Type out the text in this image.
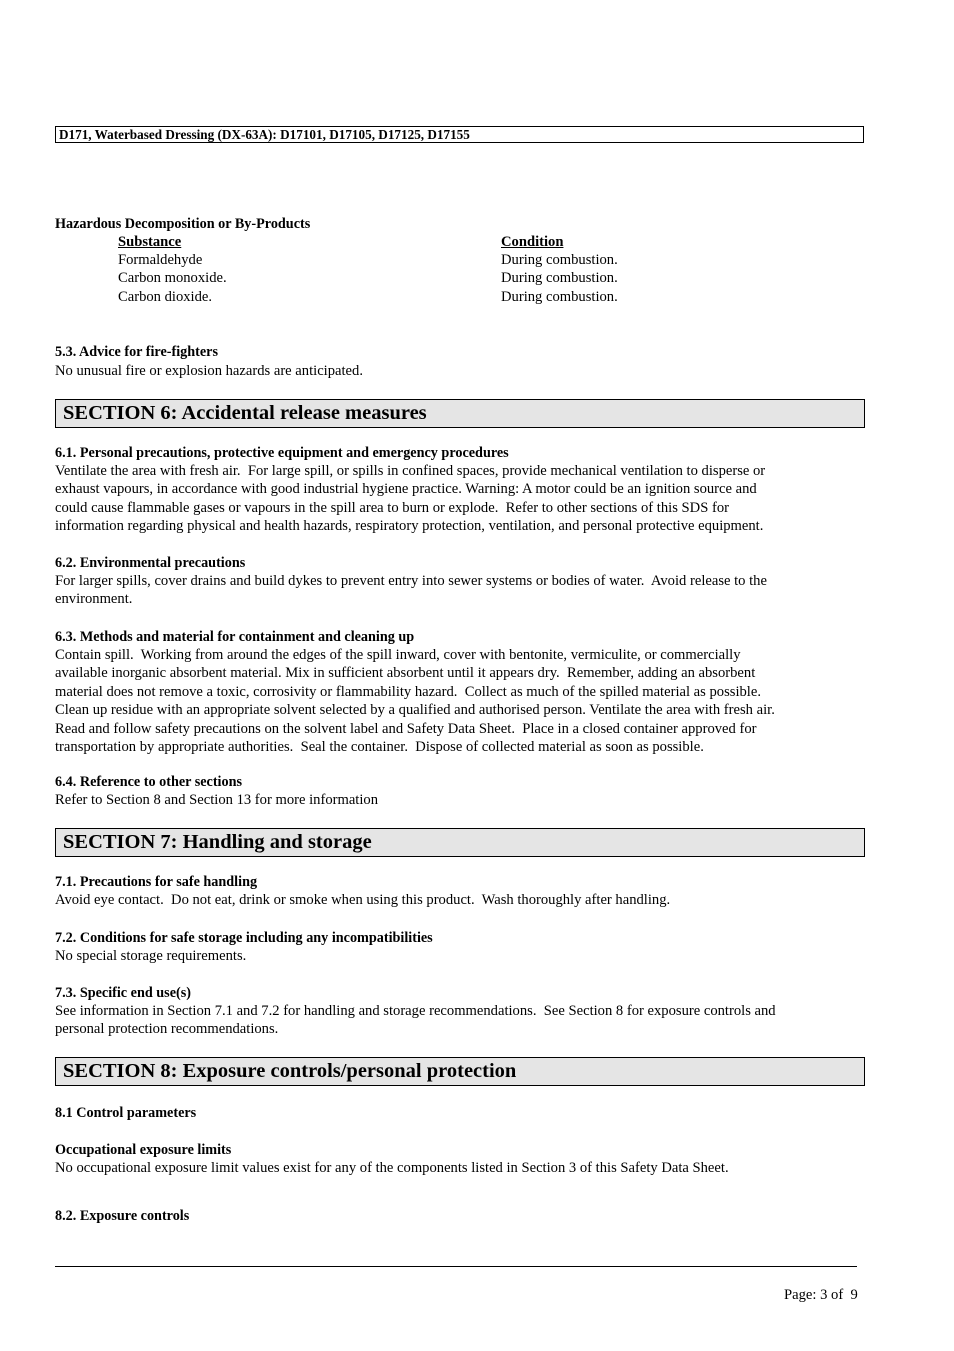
D171, Waterbased Dressing (DX-63A): D17101, D17105, D17125, D17155
Hazardous Decomposition or By-Products
Substance	Condition
Formaldehyde	During combustion.
Carbon monoxide.	During combustion.
Carbon dioxide.	During combustion.
5.3. Advice for fire-fighters
No unusual fire or explosion hazards are anticipated.
SECTION 6: Accidental release measures
6.1. Personal precautions, protective equipment and emergency procedures
Ventilate the area with fresh air.  For large spill, or spills in confined spaces, provide mechanical ventilation to disperse or
exhaust vapours, in accordance with good industrial hygiene practice. Warning: A motor could be an ignition source and
could cause flammable gases or vapours in the spill area to burn or explode.  Refer to other sections of this SDS for
information regarding physical and health hazards, respiratory protection, ventilation, and personal protective equipment.
6.2. Environmental precautions
For larger spills, cover drains and build dykes to prevent entry into sewer systems or bodies of water.  Avoid release to the
environment.
6.3. Methods and material for containment and cleaning up
Contain spill.  Working from around the edges of the spill inward, cover with bentonite, vermiculite, or commercially
available inorganic absorbent material. Mix in sufficient absorbent until it appears dry.  Remember, adding an absorbent
material does not remove a toxic, corrosivity or flammability hazard.  Collect as much of the spilled material as possible.
Clean up residue with an appropriate solvent selected by a qualified and authorised person. Ventilate the area with fresh air.
Read and follow safety precautions on the solvent label and Safety Data Sheet.  Place in a closed container approved for
transportation by appropriate authorities.  Seal the container.  Dispose of collected material as soon as possible.
6.4. Reference to other sections
Refer to Section 8 and Section 13 for more information
SECTION 7: Handling and storage
7.1. Precautions for safe handling
Avoid eye contact.  Do not eat, drink or smoke when using this product.  Wash thoroughly after handling.
7.2. Conditions for safe storage including any incompatibilities
No special storage requirements.
7.3. Specific end use(s)
See information in Section 7.1 and 7.2 for handling and storage recommendations.  See Section 8 for exposure controls and
personal protection recommendations.
SECTION 8: Exposure controls/personal protection
8.1 Control parameters
Occupational exposure limits
No occupational exposure limit values exist for any of the components listed in Section 3 of this Safety Data Sheet.
8.2. Exposure controls
Page: 3 of  9
